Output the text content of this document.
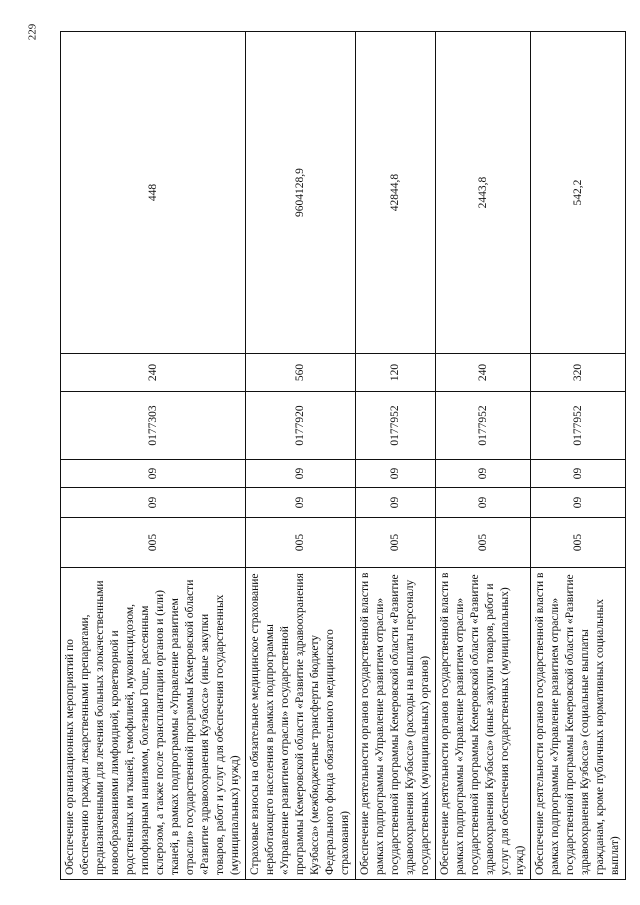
229
Обеспечение организационных мероприятий по обеспечению граждан лекарственными препаратами, предназначенными для лечения больных злокачественными новообразованиями лимфоидной, кроветворной и родственных им тканей, гемофилией, муковисцидозом, гипофизарным нанизмом, болезнью Гоше, рассеянным склерозом, а также после трансплантации органов и (или) тканей, в рамках подпрограммы «Управление развитием отрасли» государственной программы Кемеровской области «Развитие здравоохранения Кузбасса» (иные закупки товаров, работ и услуг для обеспечения государственных (муниципальных) нужд)	005	09	09	0177303	240	448
Страховые взносы на обязательное медицинское страхование неработающего населения в рамках подпрограммы «Управление развитием отрасли» государственной программы Кемеровской области «Развитие здравоохранения Кузбасса» (межбюджетные трансферты бюджету Федерального фонда обязательного медицинского страхования)	005	09	09	0177920	560	9604128,9
Обеспечение деятельности органов государственной власти в рамках подпрограммы «Управление развитием отрасли» государственной программы Кемеровской области «Развитие здравоохранения Кузбасса» (расходы на выплаты персоналу государственных (муниципальных) органов)	005	09	09	0177952	120	42844,8
Обеспечение деятельности органов государственной власти в рамках подпрограммы «Управление развитием отрасли» государственной программы Кемеровской области «Развитие здравоохранения Кузбасса» (иные закупки товаров, работ и услуг для обеспечения государственных (муниципальных) нужд)	005	09	09	0177952	240	2443,8
Обеспечение деятельности органов государственной власти в рамках подпрограммы «Управление развитием отрасли» государственной программы Кемеровской области «Развитие здравоохранения Кузбасса» (социальные выплаты гражданам, кроме публичных нормативных социальных выплат)	005	09	09	0177952	320	542,2
